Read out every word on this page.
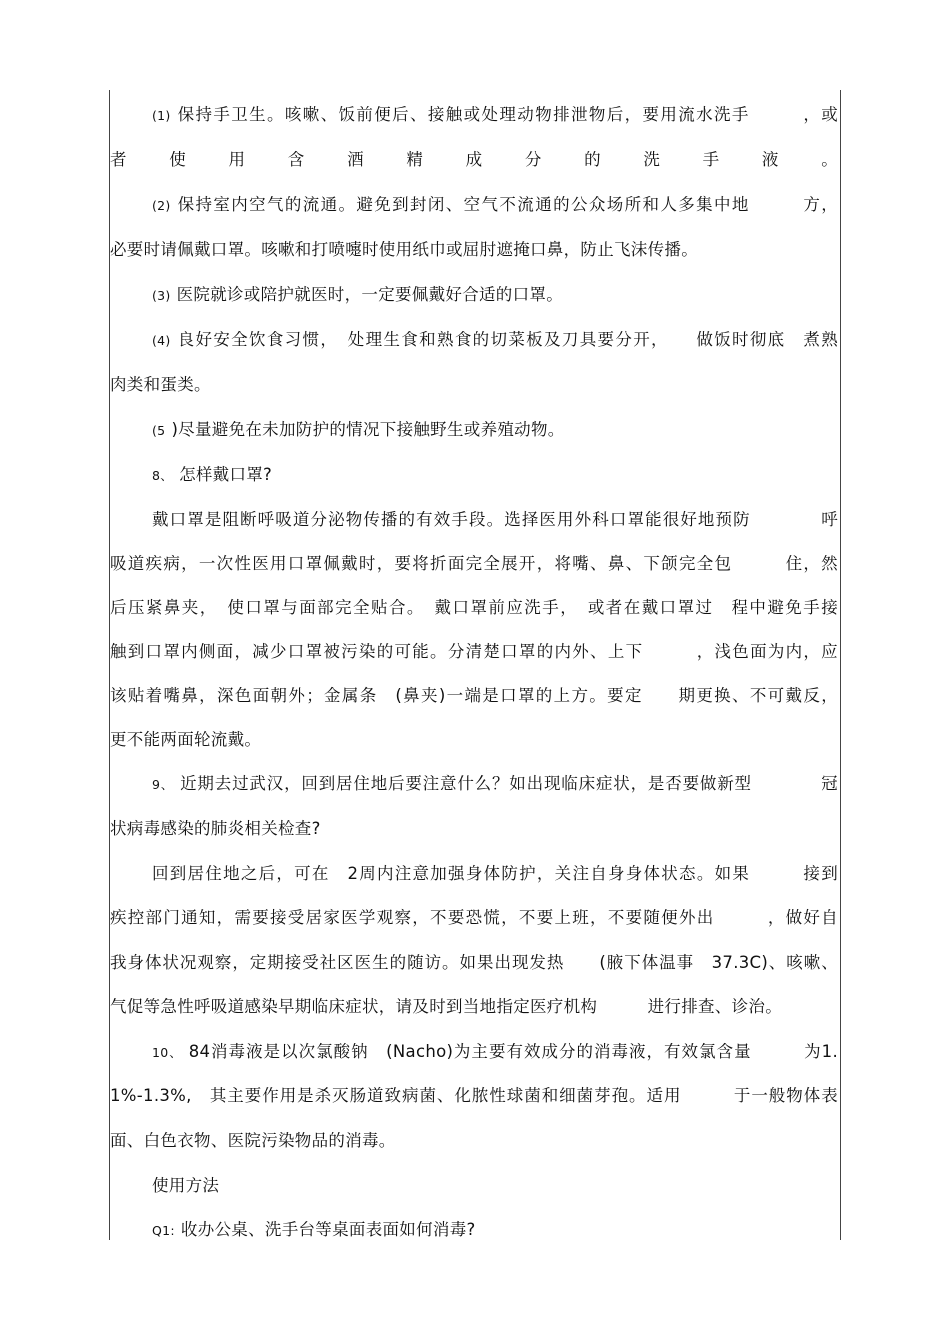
(1) 保持手卫生。咳嗽、饭前便后、接触或处理动物排泄物后，要用流水洗手　　　，或
者使用含酒精成分的洗手液。
(2) 保持室内空气的流通。避免到封闭、空气不流通的公众场所和人多集中地　　　方，
必要时请佩戴口罩。咳嗽和打喷嚏时使用纸巾或屈肘遮掩口鼻，防止飞沫传播。
(3) 医院就诊或陪护就医时，一定要佩戴好合适的口罩。
(4) 良好安全饮食习惯，　处理生食和熟食的切菜板及刀具要分开，　　做饭时彻底　煮熟
肉类和蛋类。
(5 )尽量避免在未加防护的情况下接触野生或养殖动物。
8、 怎样戴口罩?
戴口罩是阻断呼吸道分泌物传播的有效手段。选择医用外科口罩能很好地预防　　　　呼
吸道疾病，一次性医用口罩佩戴时，要将折面完全展开，将嘴、鼻、下颌完全包　　　住，然
后压紧鼻夹，　使口罩与面部完全贴合。　戴口罩前应洗手，　或者在戴口罩过　程中避免手接
触到口罩内侧面，减少口罩被污染的可能。分清楚口罩的内外、上下　　　，浅色面为内，应
该贴着嘴鼻，深色面朝外；金属条　(鼻夹)一端是口罩的上方。要定　　期更换、不可戴反，
更不能两面轮流戴。
9、 近期去过武汉，回到居住地后要注意什么？如出现临床症状，是否要做新型　　　　冠
状病毒感染的肺炎相关检查?
回到居住地之后，可在　2周内注意加强身体防护，关注自身身体状态。如果　　　接到
疾控部门通知，需要接受居家医学观察，不要恐慌，不要上班，不要随便外出　　　，做好自
我身体状况观察，定期接受社区医生的随访。如果出现发热　　(腋下体温事　37.3C)、咳嗽、
气促等急性呼吸道感染早期临床症状，请及时到当地指定医疗机构　　　进行排查、诊治。
10、 84消毒液是以次氯酸钠　(Nacho)为主要有效成分的消毒液，有效氯含量　　　为1.
1%-1.3%,　其主要作用是杀灭肠道致病菌、化脓性球菌和细菌芽孢。适用　　　于一般物体表
面、白色衣物、医院污染物品的消毒。
使用方法
Q1: 收办公桌、洗手台等桌面表面如何消毒?
